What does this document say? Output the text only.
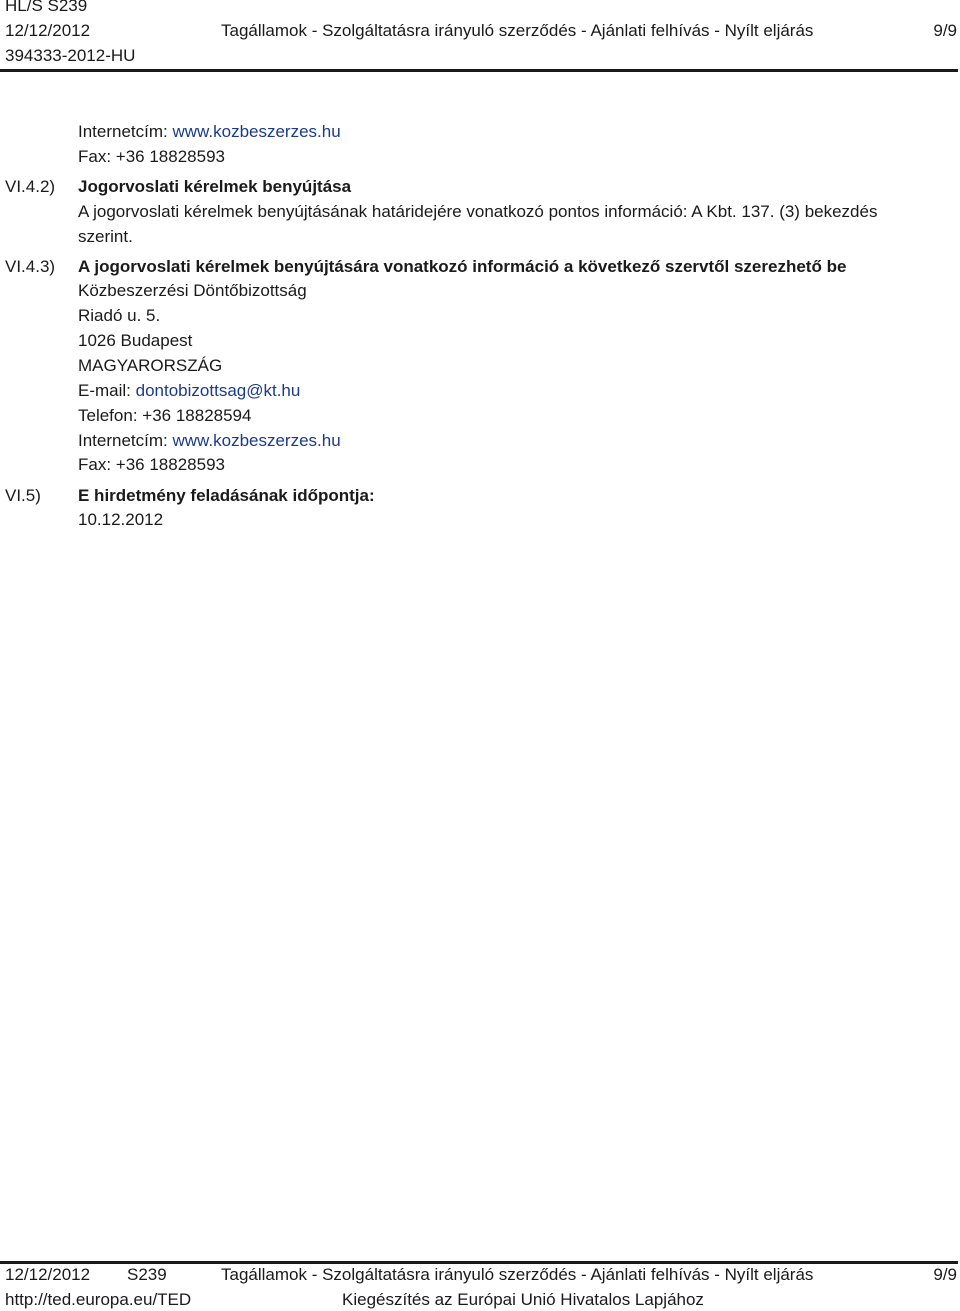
HL/S S239
12/12/2012	Tagállamok - Szolgáltatásra irányuló szerződés - Ajánlati felhívás - Nyílt eljárás	9/9
394333-2012-HU
Internetcím: www.kozbeszerzes.hu
Fax: +36 18828593
VI.4.2) Jogorvoslati kérelmek benyújtása
A jogorvoslati kérelmek benyújtásának határidejére vonatkozó pontos információ: A Kbt. 137. (3) bekezdés
szerint.
VI.4.3) A jogorvoslati kérelmek benyújtására vonatkozó információ a következő szervtől szerezhető be
Közbeszerzési Döntőbizottság
Riadó u. 5.
1026 Budapest
MAGYARORSZÁG
E-mail: dontobizottsag@kt.hu
Telefon: +36 18828594
Internetcím: www.kozbeszerzes.hu
Fax: +36 18828593
VI.5) E hirdetmény feladásának időpontja:
10.12.2012
12/12/2012 S239	Tagállamok - Szolgáltatásra irányuló szerződés - Ajánlati felhívás - Nyílt eljárás	9/9
http://ted.europa.eu/TED	Kiegészítés az Európai Unió Hivatalos Lapjához
